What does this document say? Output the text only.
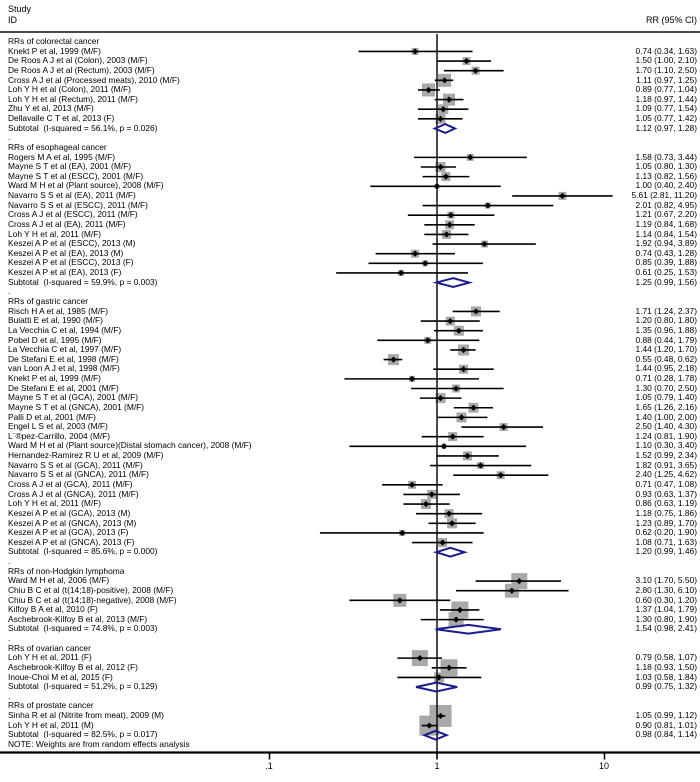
Study
ID	RR (95% CI)
RRs of colorectal cancer
Knekt P et al, 1999 (M/F)	0.74 (0.34, 1.63)
De Roos A J et al (Colon), 2003 (M/F)	1.50 (1.00, 2.10)
De Roos A J et al (Rectum), 2003 (M/F)	1.70 (1.10, 2.50)
Cross A J et al (Processed meats), 2010 (M/F)	1.11 (0.97, 1.25)
Loh Y H et al (Colon), 2011 (M/F)	0.89 (0.77, 1.04)
Loh Y H et al (Rectum), 2011 (M/F)	1.18 (0.97, 1.44)
Zhu Y et al, 2013 (M/F)	1.09 (0.77, 1.54)
Dellavalle C T et al, 2013 (F)	1.05 (0.77, 1.42)
Subtotal  (I-squared = 56.1%, p = 0.026)	1.12 (0.97, 1.28)
.
RRs of esophageal cancer
Rogers M A et al, 1995 (M/F)	1.58 (0.73, 3.44)
Mayne S T et al (EA), 2001 (M/F)	1.05 (0.80, 1.30)
Mayne S T et al (ESCC), 2001 (M/F)	1.13 (0.82, 1.56)
Ward M H et al (Plant source), 2008 (M/F)	1.00 (0.40, 2.40)
Navarro S S et al (EA), 2011 (M/F)	5.61 (2.81, 11.20)
Navarro S S et al (ESCC), 2011 (M/F)	2.01 (0.82, 4.95)
Cross A J et al (ESCC), 2011 (M/F)	1.21 (0.67, 2.20)
Cross A J et al (EA), 2011 (M/F)	1.19 (0.84, 1.68)
Loh Y H et al, 2011 (M/F)	1.14 (0.84, 1.54)
Keszei A P et al (ESCC), 2013 (M)	1.92 (0.94, 3.89)
Keszei A P et al (EA), 2013 (M)	0.74 (0.43, 1.28)
Keszei A P et al (ESCC), 2013 (F)	0.85 (0.39, 1.88)
Keszei A P et al (EA), 2013 (F)	0.61 (0.25, 1.53)
Subtotal  (I-squared = 59.9%, p = 0.003)	1.25 (0.99, 1.56)
.
RRs of gastric cancer
Risch H A et al, 1985 (M/F)	1.71 (1.24, 2.37)
Buiatti E et al, 1990 (M/F)	1.20 (0.80, 1.80)
La Vecchia C et al, 1994 (M/F)	1.35 (0.96, 1.88)
Pobel D et al, 1995 (M/F)	0.88 (0.44, 1.79)
La Vecchia C et al, 1997 (M/F)	1.44 (1.20, 1.70)
De Stefani E et al, 1998 (M/F)	0.55 (0.48, 0.62)
van Loon A J et al, 1998 (M/F)	1.44 (0.95, 2.18)
Knekt P et al, 1999 (M/F)	0.71 (0.28, 1.78)
De Stefani E et al, 2001 (M/F)	1.30 (0.70, 2.50)
Mayne S T et al (GCA), 2001 (M/F)	1.05 (0.79, 1.40)
Mayne S T et al (GNCA), 2001 (M/F)	1.65 (1.26, 2.16)
Palli D et al, 2001 (M/F)	1.40 (1.00, 2.00)
Engel L S et al, 2003 (M/F)	2.50 (1.40, 4.30)
L¨®pez-Carrillo, 2004 (M/F)	1.24 (0.81, 1.90)
Ward M H et al (Plant source)(Distal stomach cancer), 2008 (M/F)	1.10 (0.30, 3.40)
Hernandez-Ramirez R U et al, 2009 (M/F)	1.52 (0.99, 2.34)
Navarro S S et al (GCA), 2011 (M/F)	1.82 (0.91, 3.65)
Navarro S S et al (GNCA), 2011 (M/F)	2.40 (1.25, 4.62)
Cross A J et al (GCA), 2011 (M/F)	0.71 (0.47, 1.08)
Cross A J et al (GNCA), 2011 (M/F)	0.93 (0.63, 1.37)
Loh Y H et al, 2011 (M/F)	0.86 (0.63, 1.19)
Keszei A P et al (GCA), 2013 (M)	1.18 (0.75, 1.86)
Keszei A P et al (GNCA), 2013 (M)	1.23 (0.89, 1.70)
Keszei A P et al (GCA), 2013 (F)	0.62 (0.20, 1.90)
Keszei A P et al (GNCA), 2013 (F)	1.08 (0.71, 1.63)
Subtotal  (I-squared = 85.6%, p = 0.000)	1.20 (0.99, 1.46)
.
RRs of non-Hodgkin lymphoma
Ward M H et al, 2006 (M/F)	3.10 (1.70, 5.50)
Chiu B C et al (t(14;18)-positive), 2008 (M/F)	2.80 (1.30, 6.10)
Chiu B C et al (t(14;18)-negative), 2008 (M/F)	0.60 (0.30, 1.20)
Kilfoy B A et al, 2010 (F)	1.37 (1.04, 1.79)
Aschebrook-Kilfoy B et al, 2013 (M/F)	1.30 (0.80, 1.90)
Subtotal  (I-squared = 74.8%, p = 0.003)	1.54 (0.98, 2.41)
.
RRs of ovarian cancer
Loh Y H et al, 2011 (F)	0.79 (0.58, 1.07)
Aschebrook-Kilfoy B et al, 2012 (F)	1.18 (0.93, 1.50)
Inoue-Choi M et al, 2015 (F)	1.03 (0.58, 1.84)
Subtotal  (I-squared = 51.2%, p = 0.129)	0.99 (0.75, 1.32)
.
RRs of prostate cancer
Sinha R et al (Nitrite from meat), 2009 (M)	1.05 (0.99, 1.12)
Loh Y H et al, 2011 (M)	0.90 (0.81, 1.01)
Subtotal  (I-squared = 82.5%, p = 0.017)	0.98 (0.84, 1.14)
NOTE: Weights are from random effects analysis
.1	1	10
